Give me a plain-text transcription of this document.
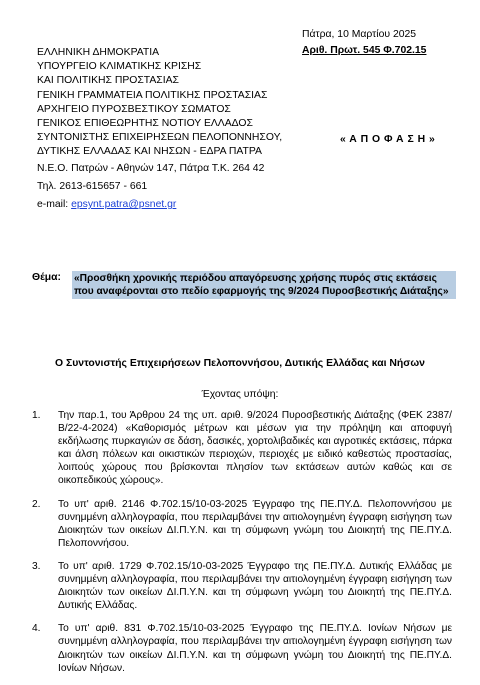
Πάτρα, 10 Μαρτίου 2025
Αριθ. Πρωτ. 545 Φ.702.15
ΕΛΛΗΝΙΚΗ ΔΗΜΟΚΡΑΤΙΑ
ΥΠΟΥΡΓΕΙΟ ΚΛΙΜΑΤΙΚΗΣ ΚΡΙΣΗΣ
ΚΑΙ ΠΟΛΙΤΙΚΗΣ ΠΡΟΣΤΑΣΙΑΣ
ΓΕΝΙΚΗ ΓΡΑΜΜΑΤΕΙΑ ΠΟΛΙΤΙΚΗΣ ΠΡΟΣΤΑΣΙΑΣ
ΑΡΧΗΓΕΙΟ ΠΥΡΟΣΒΕΣΤΙΚΟΥ ΣΩΜΑΤΟΣ
ΓΕΝΙΚΟΣ ΕΠΙΘΕΩΡΗΤΗΣ ΝΟΤΙΟΥ ΕΛΛΑΔΟΣ
ΣΥΝΤΟΝΙΣΤΗΣ ΕΠΙΧΕΙΡΗΣΕΩΝ ΠΕΛΟΠΟΝΝΗΣΟΥ,
ΔΥΤΙΚΗΣ ΕΛΛΑΔΑΣ ΚΑΙ ΝΗΣΩΝ - ΕΔΡΑ ΠΑΤΡΑ
Ν.Ε.Ο. Πατρών - Αθηνών 147, Πάτρα Τ.Κ. 264 42
Τηλ. 2613-615657 - 661
e-mail: epsynt.patra@psnet.gr
« Α Π Ο Φ Α Σ Η »
Θέμα: «Προσθήκη χρονικής περιόδου απαγόρευσης χρήσης πυρός στις εκτάσεις που αναφέρονται στο πεδίο εφαρμογής της 9/2024 Πυροσβεστικής Διάταξης»
Ο Συντονιστής Επιχειρήσεων Πελοποννήσου, Δυτικής Ελλάδας και Νήσων
Έχοντας υπόψη:
1.	Την παρ.1, του Άρθρου 24 της υπ. αριθ. 9/2024 Πυροσβεστικής Διάταξης (ΦΕΚ 2387/Β/22-4-2024) «Καθορισμός μέτρων και μέσων για την πρόληψη και αποφυγή εκδήλωσης πυρκαγιών σε δάση, δασικές, χορτολιβαδικές και αγροτικές εκτάσεις, πάρκα και άλση πόλεων και οικιστικών περιοχών, περιοχές με ειδικό καθεστώς προστασίας, λοιπούς χώρους που βρίσκονται πλησίον των εκτάσεων αυτών καθώς και σε οικοπεδικούς χώρους».
2.	Το υπ' αριθ. 2146 Φ.702.15/10-03-2025 Έγγραφο της ΠΕ.ΠΥ.Δ. Πελοποννήσου με συνημμένη αλληλογραφία, που περιλαμβάνει την αιτιολογημένη έγγραφη εισήγηση των Διοικητών των οικείων ΔΙ.Π.Υ.Ν. και τη σύμφωνη γνώμη του Διοικητή της ΠΕ.ΠΥ.Δ. Πελοποννήσου.
3.	Το υπ' αριθ. 1729 Φ.702.15/10-03-2025 Έγγραφο της ΠΕ.ΠΥ.Δ. Δυτικής Ελλάδας με συνημμένη αλληλογραφία, που περιλαμβάνει την αιτιολογημένη έγγραφη εισήγηση των Διοικητών των οικείων ΔΙ.Π.Υ.Ν. και τη σύμφωνη γνώμη του Διοικητή της ΠΕ.ΠΥ.Δ. Δυτικής Ελλάδας.
4.	Το υπ' αριθ. 831 Φ.702.15/10-03-2025 Έγγραφο της ΠΕ.ΠΥ.Δ. Ιονίων Νήσων με συνημμένη αλληλογραφία, που περιλαμβάνει την αιτιολογημένη έγγραφη εισήγηση των Διοικητών των οικείων ΔΙ.Π.Υ.Ν. και τη σύμφωνη γνώμη του Διοικητή της ΠΕ.ΠΥ.Δ. Ιονίων Νήσων.
